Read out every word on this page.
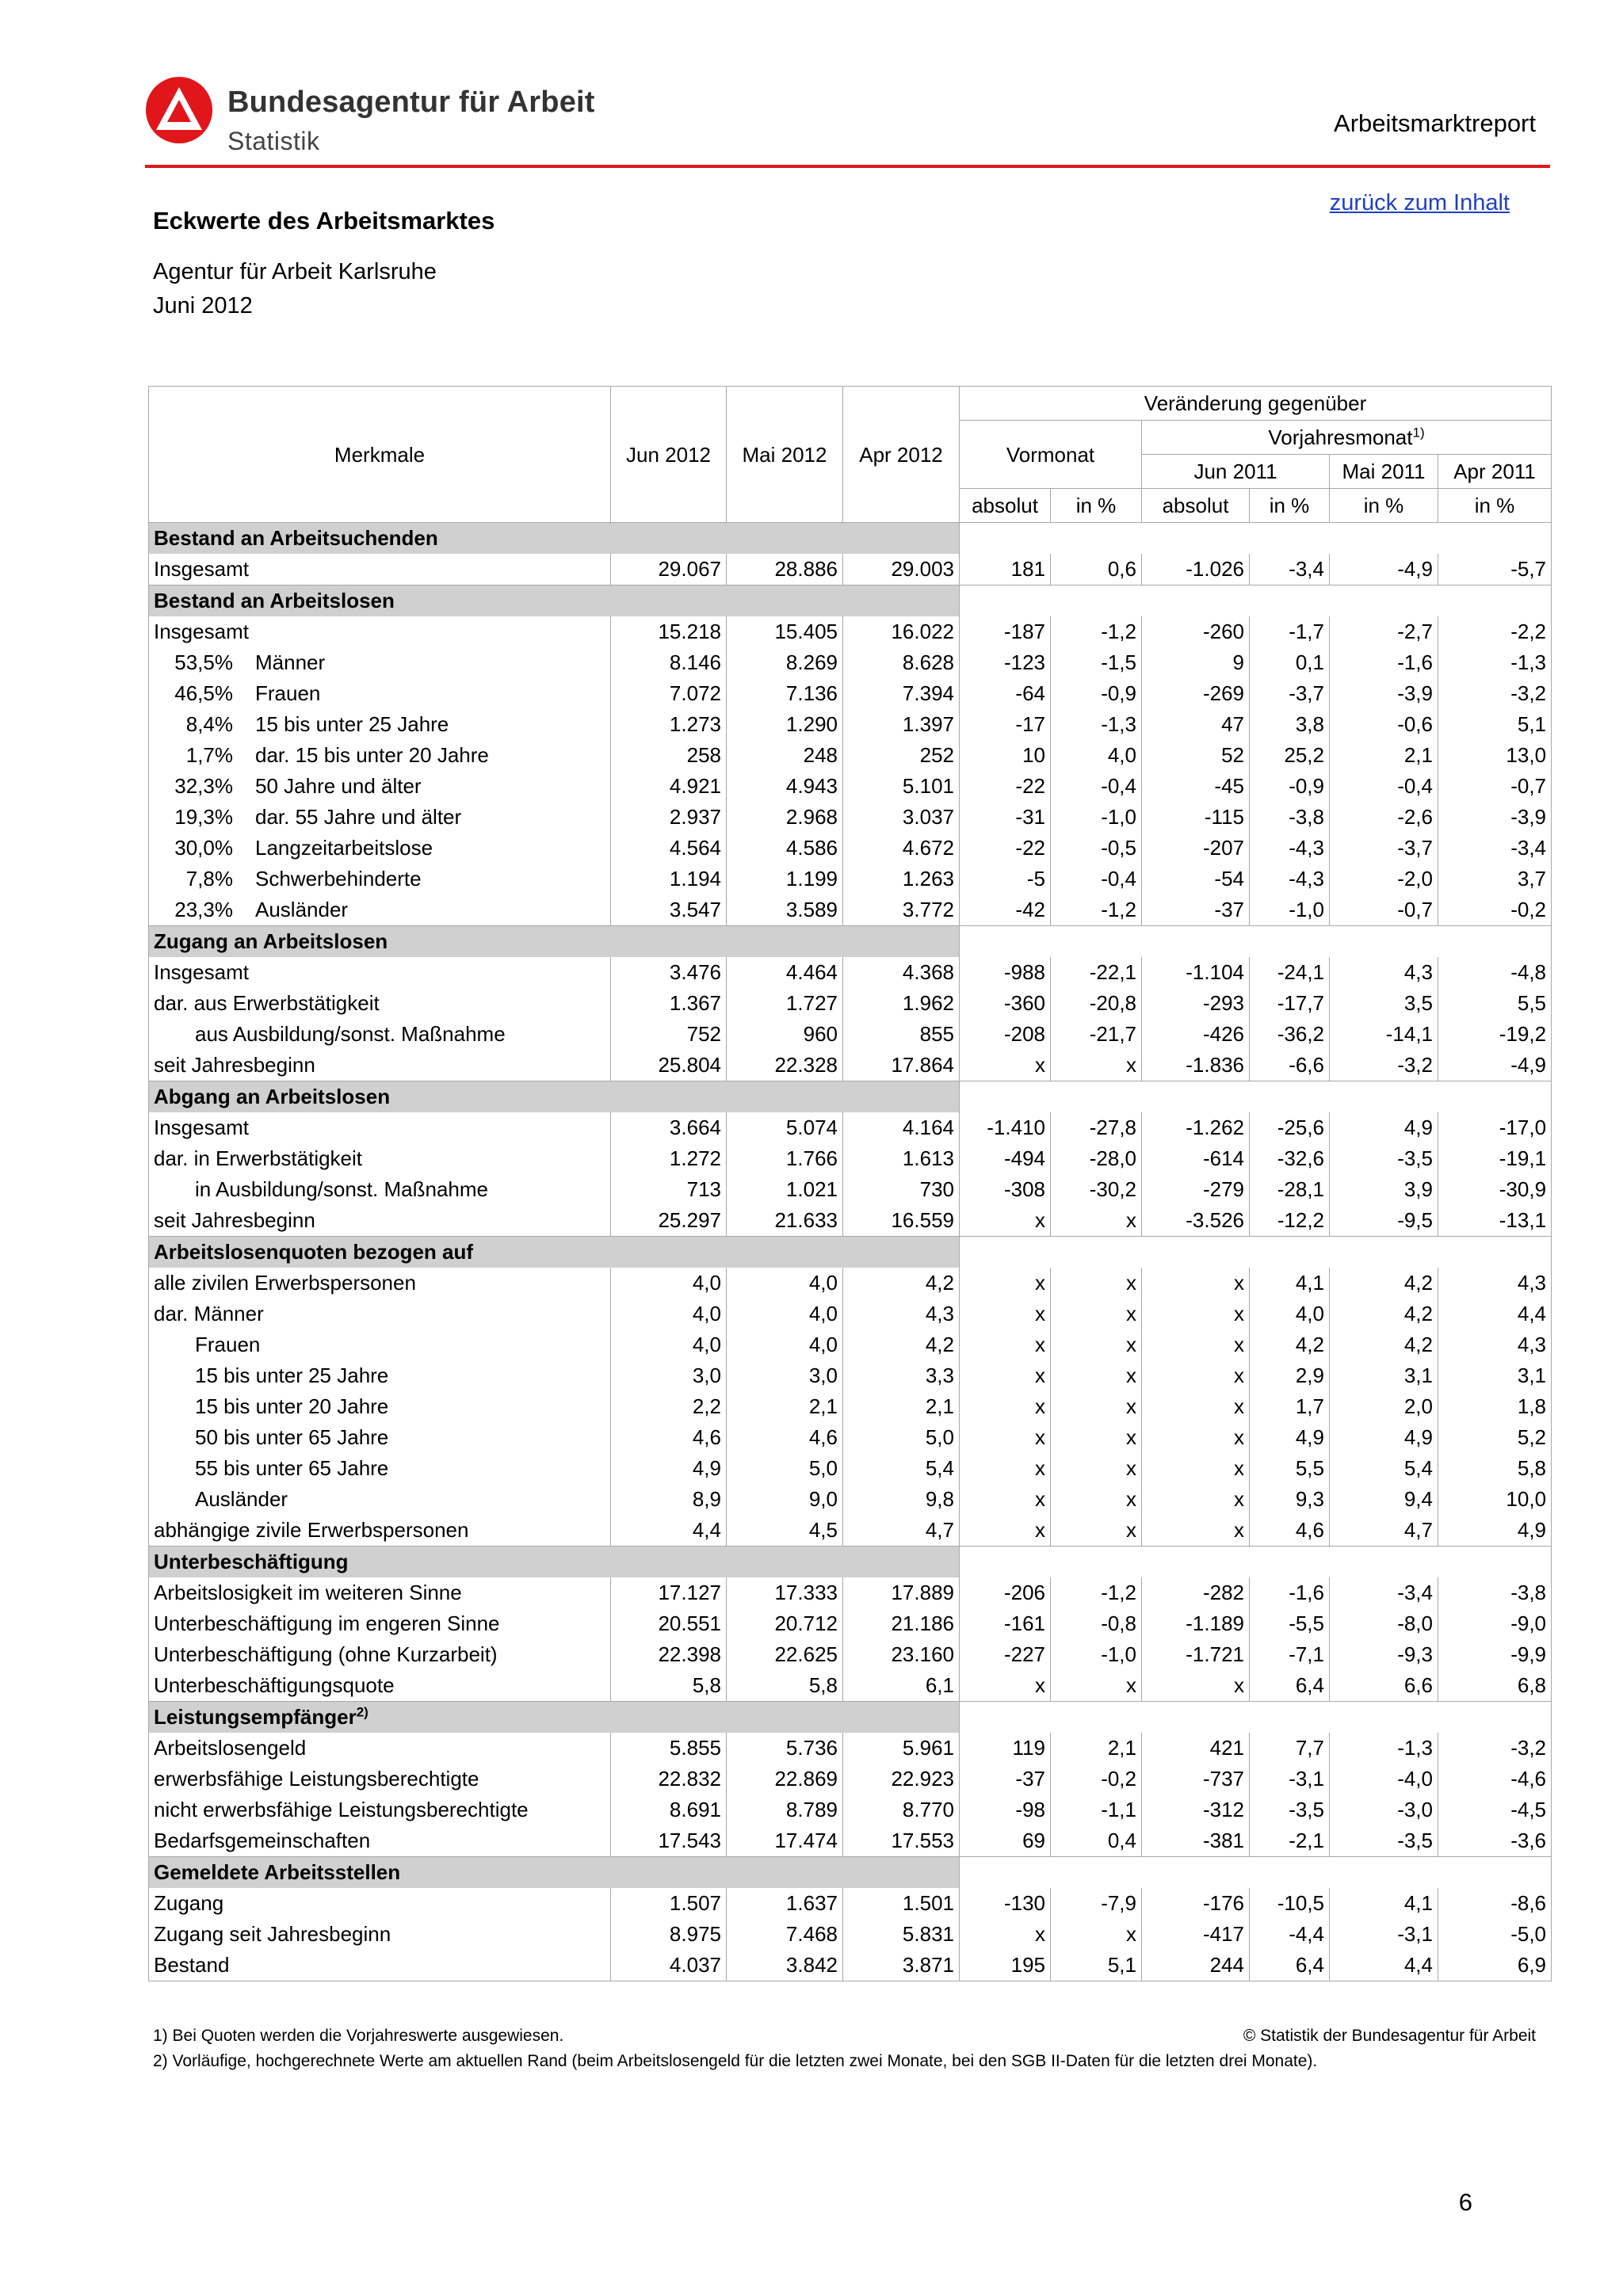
Bundesagentur für Arbeit
Statistik
Arbeitsmarktreport
zurück zum Inhalt
Eckwerte des Arbeitsmarktes
Agentur für Arbeit Karlsruhe
Juni 2012
Merkmale	Jun 2012	Mai 2012	Apr 2012	Veränderung gegenüber					
				Vormonat		Vorjahresmonat$^{1)}$
						Jun 2011		Mai 2011	Apr 2011
				absolut	in %	absolut	in %	in %	in %
Bestand an Arbeitsuchenden									
Insgesamt	29.067	28.886	29.003	181	0,6	-1.026	-3,4	-4,9	-5,7
Bestand an Arbeitslosen									
Insgesamt	15.218	15.405	16.022	-187	-1,2	-260	-1,7	-2,7	-2,2
53,5% Männer	8.146	8.269	8.628	-123	-1,5	9	0,1	-1,6	-1,3
46,5% Frauen	7.072	7.136	7.394	-64	-0,9	-269	-3,7	-3,9	-3,2
8,4% 15 bis unter 25 Jahre	1.273	1.290	1.397	-17	-1,3	47	3,8	-0,6	5,1
1,7% dar. 15 bis unter 20 Jahre	258	248	252	10	4,0	52	25,2	2,1	13,0
32,3% 50 Jahre und älter	4.921	4.943	5.101	-22	-0,4	-45	-0,9	-0,4	-0,7
19,3% dar. 55 Jahre und älter	2.937	2.968	3.037	-31	-1,0	-115	-3,8	-2,6	-3,9
30,0% Langzeitarbeitslose	4.564	4.586	4.672	-22	-0,5	-207	-4,3	-3,7	-3,4
7,8% Schwerbehinderte	1.194	1.199	1.263	-5	-0,4	-54	-4,3	-2,0	3,7
23,3% Ausländer	3.547	3.589	3.772	-42	-1,2	-37	-1,0	-0,7	-0,2
Zugang an Arbeitslosen									
Insgesamt	3.476	4.464	4.368	-988	-22,1	-1.104	-24,1	4,3	-4,8
dar. aus Erwerbstätigkeit	1.367	1.727	1.962	-360	-20,8	-293	-17,7	3,5	5,5
aus Ausbildung/sonst. Maßnahme	752	960	855	-208	-21,7	-426	-36,2	-14,1	-19,2
seit Jahresbeginn	25.804	22.328	17.864	x	x	-1.836	-6,6	-3,2	-4,9
Abgang an Arbeitslosen									
Insgesamt	3.664	5.074	4.164	-1.410	-27,8	-1.262	-25,6	4,9	-17,0
dar. in Erwerbstätigkeit	1.272	1.766	1.613	-494	-28,0	-614	-32,6	-3,5	-19,1
in Ausbildung/sonst. Maßnahme	713	1.021	730	-308	-30,2	-279	-28,1	3,9	-30,9
seit Jahresbeginn	25.297	21.633	16.559	x	x	-3.526	-12,2	-9,5	-13,1
Arbeitslosenquoten bezogen auf									
alle zivilen Erwerbspersonen	4,0	4,0	4,2	x	x	x	4,1	4,2	4,3
dar. Männer	4,0	4,0	4,3	x	x	x	4,0	4,2	4,4
Frauen	4,0	4,0	4,2	x	x	x	4,2	4,2	4,3
15 bis unter 25 Jahre	3,0	3,0	3,3	x	x	x	2,9	3,1	3,1
15 bis unter 20 Jahre	2,2	2,1	2,1	x	x	x	1,7	2,0	1,8
50 bis unter 65 Jahre	4,6	4,6	5,0	x	x	x	4,9	4,9	5,2
55 bis unter 65 Jahre	4,9	5,0	5,4	x	x	x	5,5	5,4	5,8
Ausländer	8,9	9,0	9,8	x	x	x	9,3	9,4	10,0
abhängige zivile Erwerbspersonen	4,4	4,5	4,7	x	x	x	4,6	4,7	4,9
Unterbeschäftigung									
Arbeitslosigkeit im weiteren Sinne	17.127	17.333	17.889	-206	-1,2	-282	-1,6	-3,4	-3,8
Unterbeschäftigung im engeren Sinne	20.551	20.712	21.186	-161	-0,8	-1.189	-5,5	-8,0	-9,0
Unterbeschäftigung (ohne Kurzarbeit)	22.398	22.625	23.160	-227	-1,0	-1.721	-7,1	-9,3	-9,9
Unterbeschäftigungsquote	5,8	5,8	6,1	x	x	x	6,4	6,6	6,8
Leistungsempfänger$^{2)}$	
Arbeitslosengeld	5.855	5.736	5.961	119	2,1	421	7,7	-1,3	-3,2
erwerbsfähige Leistungsberechtigte	22.832	22.869	22.923	-37	-0,2	-737	-3,1	-4,0	-4,6
nicht erwerbsfähige Leistungsberechtigte	8.691	8.789	8.770	-98	-1,1	-312	-3,5	-3,0	-4,5
Bedarfsgemeinschaften	17.543	17.474	17.553	69	0,4	-381	-2,1	-3,5	-3,6
Gemeldete Arbeitsstellen									
Zugang	1.507	1.637	1.501	-130	-7,9	-176	-10,5	4,1	-8,6
Zugang seit Jahresbeginn	8.975	7.468	5.831	x	x	-417	-4,4	-3,1	-5,0
Bestand	4.037	3.842	3.871	195	5,1	244	6,4	4,4	6,9
1) Bei Quoten werden die Vorjahreswerte ausgewiesen.
2) Vorläufige, hochgerechnete Werte am aktuellen Rand (beim Arbeitslosengeld für die letzten zwei Monate, bei den SGB II-Daten für die letzten drei Monate).
© Statistik der Bundesagentur für Arbeit
6
